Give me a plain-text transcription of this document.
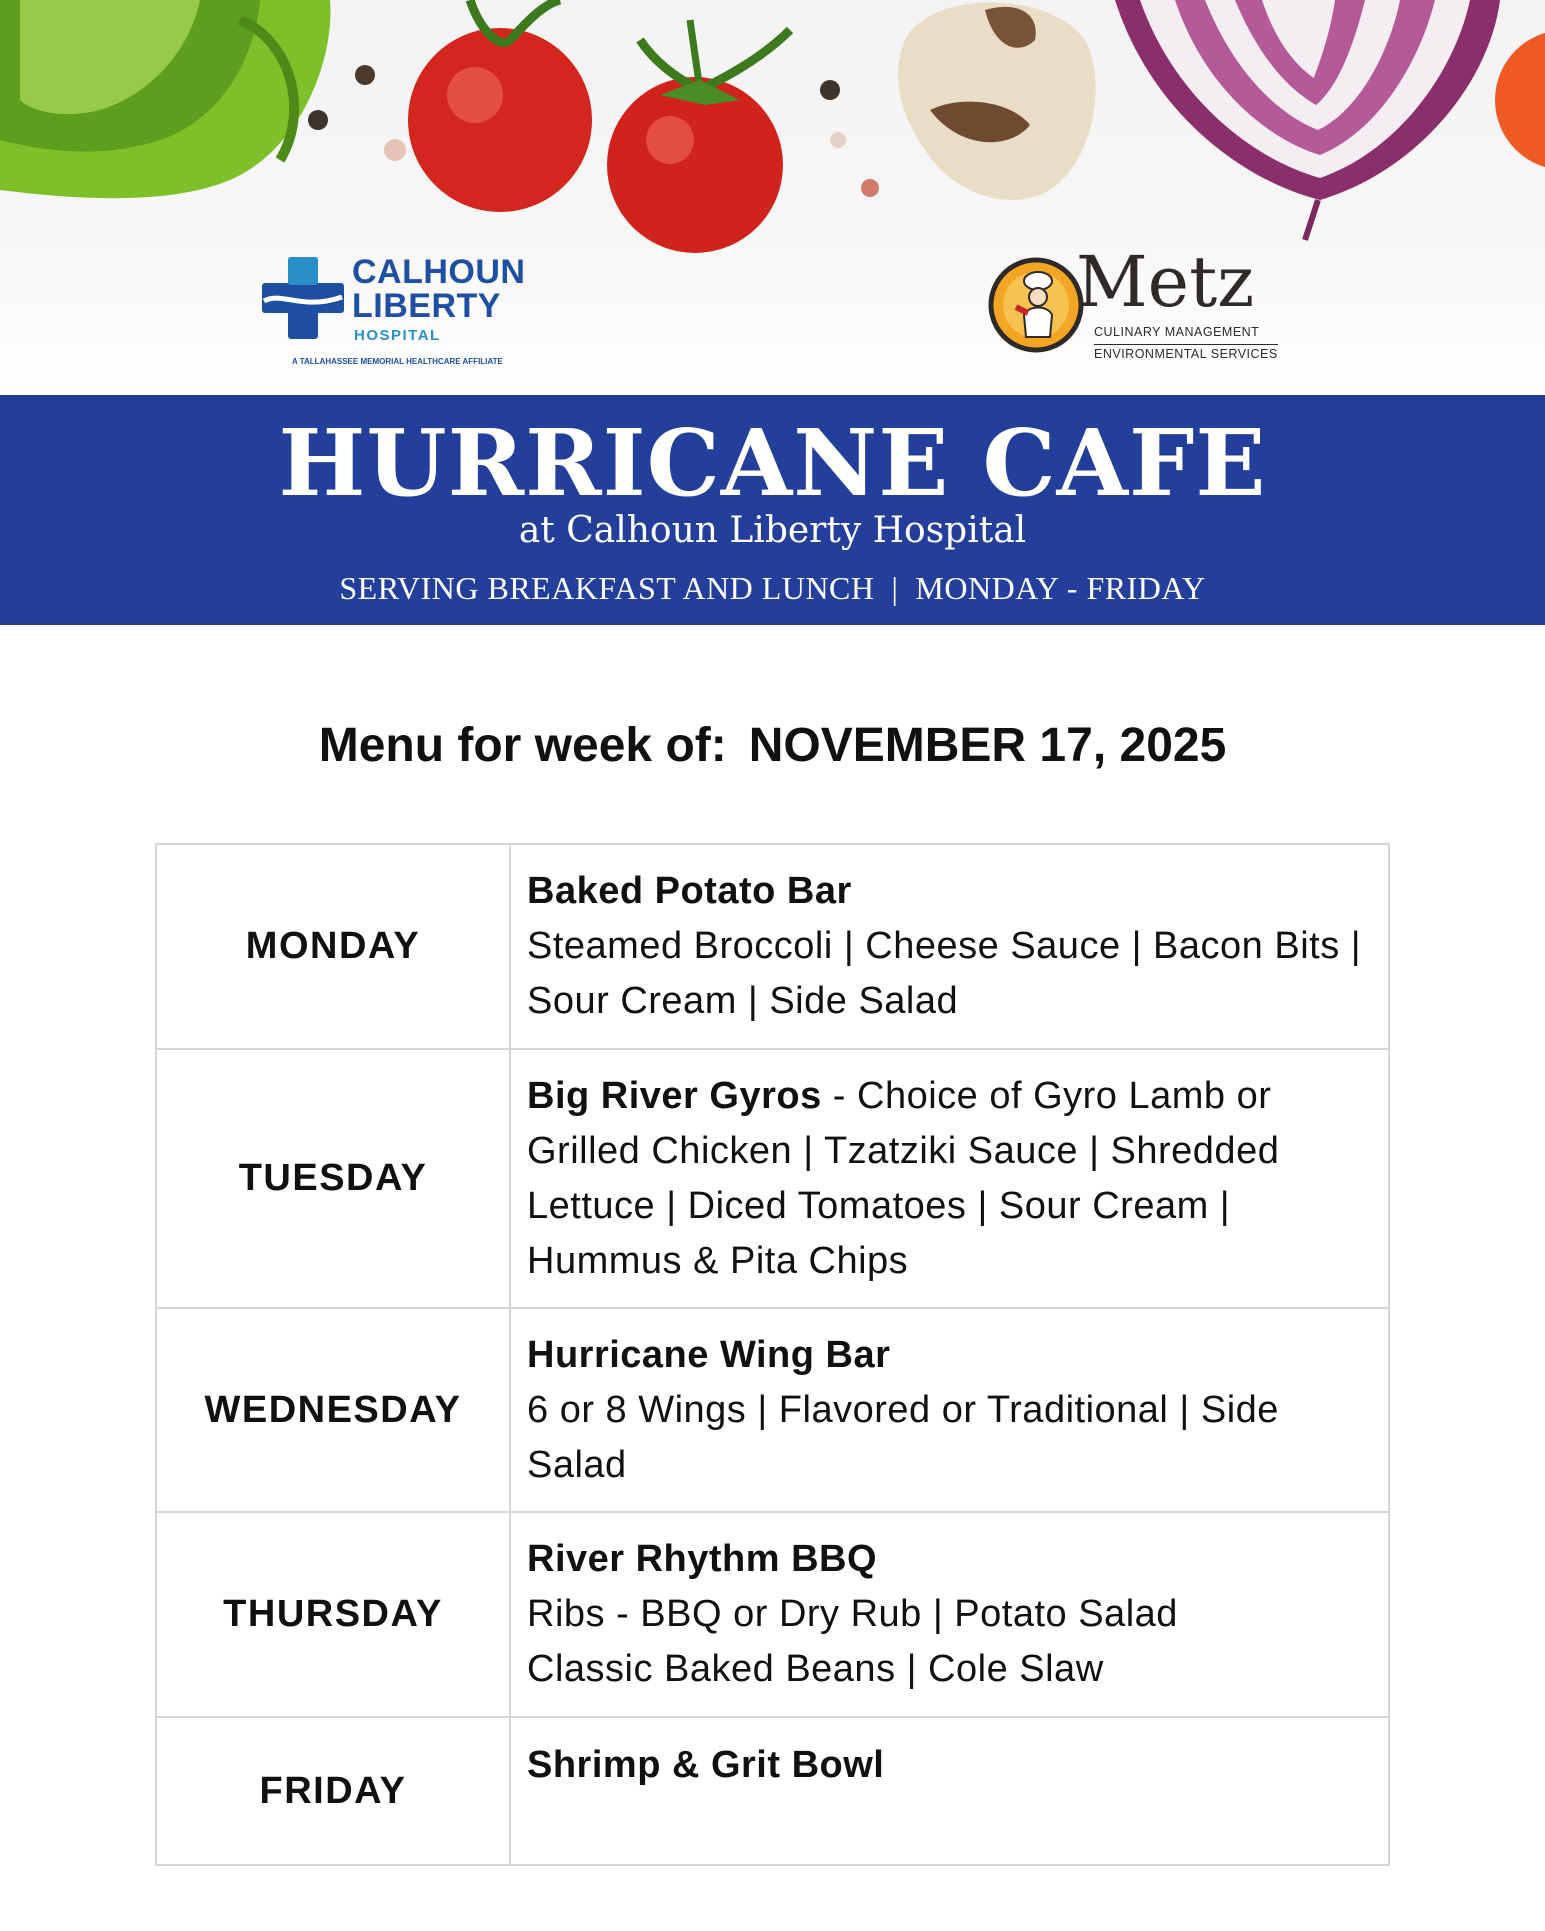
CALHOUN
LIBERTY
HOSPITAL
A TALLAHASSEE MEMORIAL HEALTHCARE AFFILIATE
Metz
CULINARY MANAGEMENT
ENVIRONMENTAL SERVICES
HURRICANE CAFE
at Calhoun Liberty Hospital
SERVING BREAKFAST AND LUNCH  |  MONDAY - FRIDAY
Menu for week of: NOVEMBER 17, 2025
MONDAY	Baked Potato Bar
Steamed Broccoli | Cheese Sauce | Bacon Bits | Sour Cream | Side Salad

TUESDAY	Big River Gyros - Choice of Gyro Lamb or Grilled Chicken | Tzatziki Sauce | Shredded Lettuce | Diced Tomatoes | Sour Cream | Hummus & Pita Chips
WEDNESDAY	Hurricane Wing Bar
6 or 8 Wings | Flavored or Traditional | Side Salad

THURSDAY	River Rhythm BBQ
Ribs - BBQ or Dry Rub | Potato Salad Classic Baked Beans | Cole Slaw

FRIDAY	Shrimp & Grit Bowl
